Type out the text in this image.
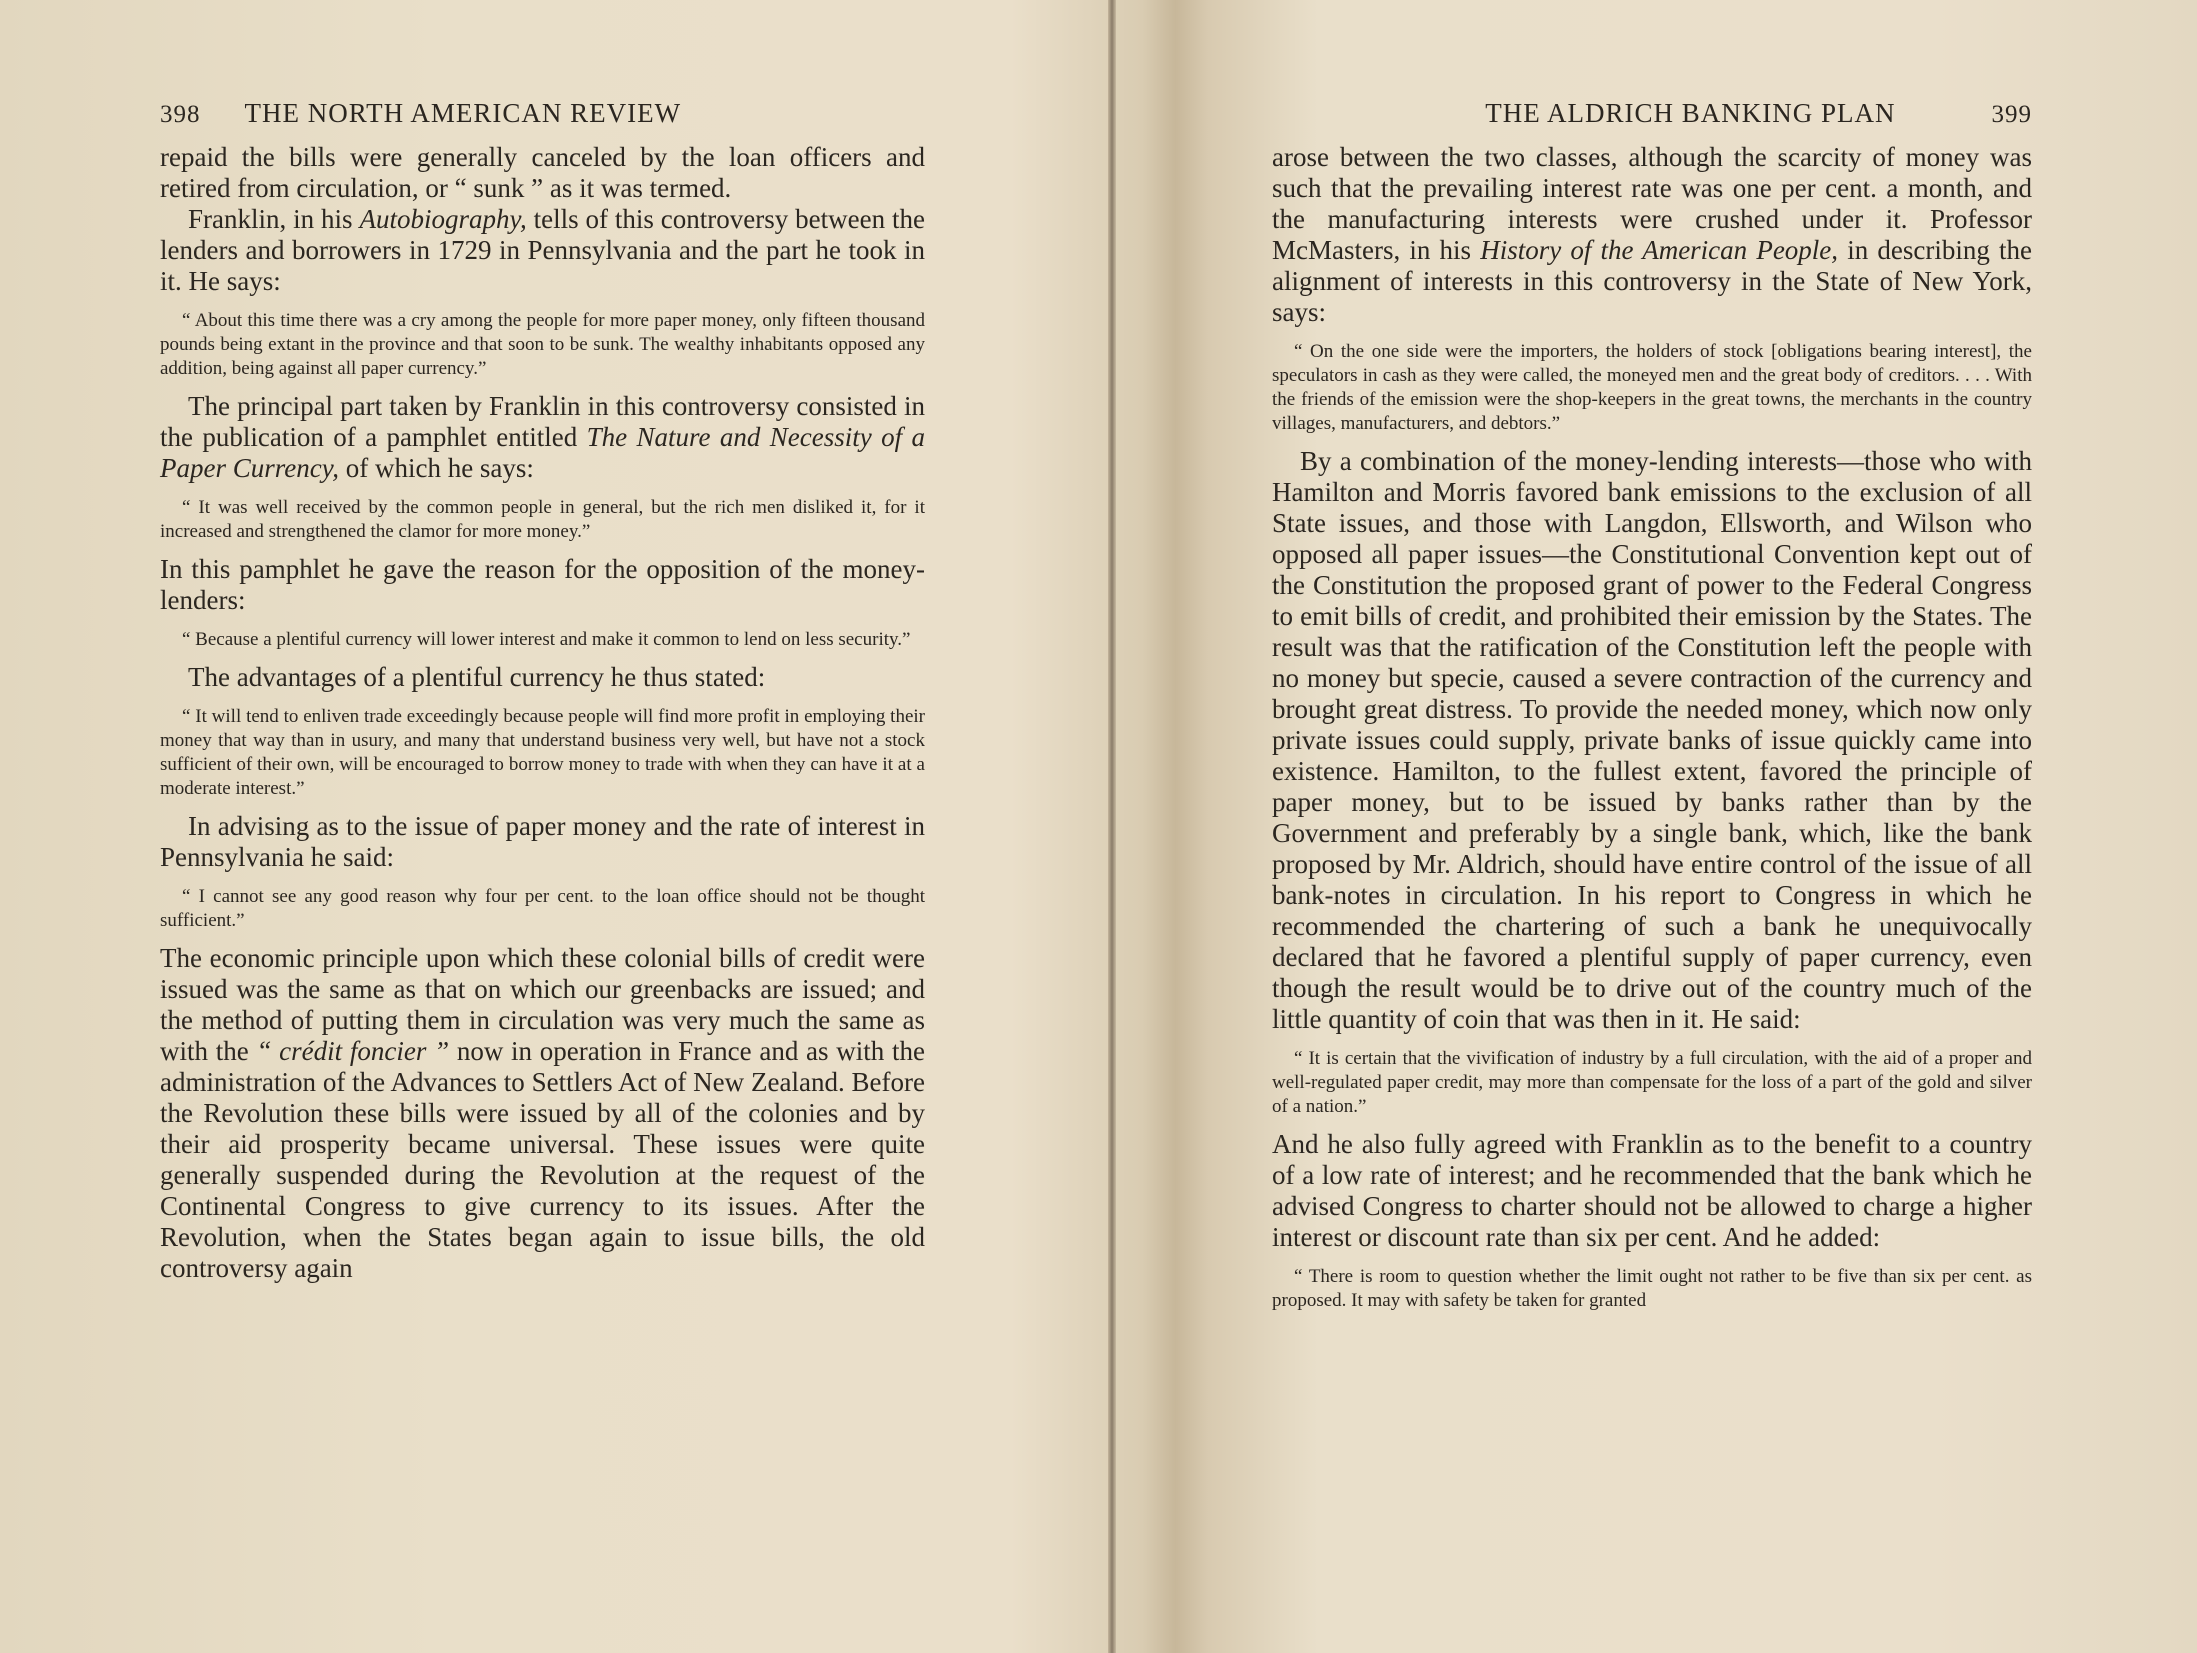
398 THE NORTH AMERICAN REVIEW

repaid the bills were generally canceled by the loan officers and retired from circulation, or “ sunk ” as it was termed.

Franklin, in his Autobiography, tells of this controversy between the lenders and borrowers in 1729 in Pennsylvania and the part he took in it. He says:

“ About this time there was a cry among the people for more paper money, only fifteen thousand pounds being extant in the province and that soon to be sunk. The wealthy inhabitants opposed any addition, being against all paper currency.”

The principal part taken by Franklin in this controversy consisted in the publication of a pamphlet entitled The Nature and Necessity of a Paper Currency, of which he says:

“ It was well received by the common people in general, but the rich men disliked it, for it increased and strengthened the clamor for more money.”

In this pamphlet he gave the reason for the opposition of the money-lenders:

“ Because a plentiful currency will lower interest and make it common to lend on less security.”

The advantages of a plentiful currency he thus stated:

“ It will tend to enliven trade exceedingly because people will find more profit in employing their money that way than in usury, and many that understand business very well, but have not a stock sufficient of their own, will be encouraged to borrow money to trade with when they can have it at a moderate interest.”

In advising as to the issue of paper money and the rate of interest in Pennsylvania he said:

“ I cannot see any good reason why four per cent. to the loan office should not be thought sufficient.”

The economic principle upon which these colonial bills of credit were issued was the same as that on which our greenbacks are issued; and the method of putting them in circulation was very much the same as with the “ crédit foncier ” now in operation in France and as with the administration of the Advances to Settlers Act of New Zealand. Before the Revolution these bills were issued by all of the colonies and by their aid prosperity became universal. These issues were quite generally suspended during the Revolution at the request of the Continental Congress to give currency to its issues. After the Revolution, when the States began again to issue bills, the old controversy again

THE ALDRICH BANKING PLAN	399

arose between the two classes, although the scarcity of money was such that the prevailing interest rate was one per cent. a month, and the manufacturing interests were crushed under it. Professor McMasters, in his History of the American People, in describing the alignment of interests in this controversy in the State of New York, says:

“ On the one side were the importers, the holders of stock [obligations bearing interest], the speculators in cash as they were called, the moneyed men and the great body of creditors. . . . With the friends of the emission were the shop-keepers in the great towns, the merchants in the country villages, manufacturers, and debtors.”

By a combination of the money-lending interests—those who with Hamilton and Morris favored bank emissions to the exclusion of all State issues, and those with Langdon, Ellsworth, and Wilson who opposed all paper issues—the Constitutional Convention kept out of the Constitution the proposed grant of power to the Federal Congress to emit bills of credit, and prohibited their emission by the States. The result was that the ratification of the Constitution left the people with no money but specie, caused a severe contraction of the currency and brought great distress. To provide the needed money, which now only private issues could supply, private banks of issue quickly came into existence. Hamilton, to the fullest extent, favored the principle of paper money, but to be issued by banks rather than by the Government and preferably by a single bank, which, like the bank proposed by Mr. Aldrich, should have entire control of the issue of all bank-notes in circulation. In his report to Congress in which he recommended the chartering of such a bank he unequivocally declared that he favored a plentiful supply of paper currency, even though the result would be to drive out of the country much of the little quantity of coin that was then in it. He said:

“ It is certain that the vivification of industry by a full circulation, with the aid of a proper and well-regulated paper credit, may more than compensate for the loss of a part of the gold and silver of a nation.”

And he also fully agreed with Franklin as to the benefit to a country of a low rate of interest; and he recommended that the bank which he advised Congress to charter should not be allowed to charge a higher interest or discount rate than six per cent. And he added:

“ There is room to question whether the limit ought not rather to be five than six per cent. as proposed. It may with safety be taken for granted
